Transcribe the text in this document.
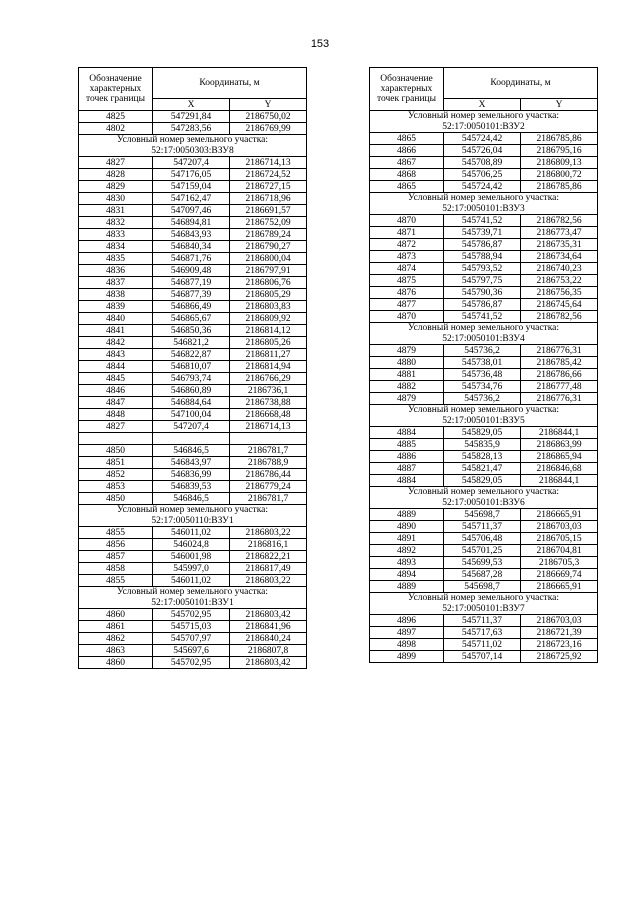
153
Обозначение характерных точек границы	Координаты, м	
	X	Y
4825	547291,84	2186750,02
4802	547283,56	2186769,99
Условный номер земельного участка: 52:17:0050303:ВЗУ8		
4827	547207,4	2186714,13
4828	547176,05	2186724,52
4829	547159,04	2186727,15
4830	547162,47	2186718,96
4831	547097,46	2186691,57
4832	546894,81	2186752,09
4833	546843,93	2186789,24
4834	546840,34	2186790,27
4835	546871,76	2186800,04
4836	546909,48	2186797,91
4837	546877,19	2186806,76
4838	546877,39	2186805,29
4839	546866,49	2186803,83
4840	546865,67	2186809,92
4841	546850,36	2186814,12
4842	546821,2	2186805,26
4843	546822,87	2186811,27
4844	546810,07	2186814,94
4845	546793,74	2186766,29
4846	546860,89	2186736,1
4847	546884,64	2186738,88
4848	547100,04	2186668,48
4827	547207,4	2186714,13

4850	546846,5	2186781,7
4851	546843,97	2186788,9
4852	546836,99	2186786,44
4853	546839,53	2186779,24
4850	546846,5	2186781,7
Условный номер земельного участка: 52:17:0050110:ВЗУ1		
4855	546011,02	2186803,22
4856	546024,8	2186816,1
4857	546001,98	2186822,21
4858	545997,0	2186817,49
4855	546011,02	2186803,22
Условный номер земельного участка: 52:17:0050101:ВЗУ1		
4860	545702,95	2186803,42
4861	545715,03	2186841,96
4862	545707,97	2186840,24
4863	545697,6	2186807,8
4860	545702,95	2186803,42
Обозначение характерных точек границы	Координаты, м	
	X	Y
Условный номер земельного участка: 52:17:0050101:ВЗУ2		
4865	545724,42	2186785,86
4866	545726,04	2186795,16
4867	545708,89	2186809,13
4868	545706,25	2186800,72
4865	545724,42	2186785,86
Условный номер земельного участка: 52:17:0050101:ВЗУ3		
4870	545741,52	2186782,56
4871	545739,71	2186773,47
4872	545786,87	2186735,31
4873	545788,94	2186734,64
4874	545793,52	2186740,23
4875	545797,75	2186753,22
4876	545790,36	2186756,35
4877	545786,87	2186745,64
4870	545741,52	2186782,56
Условный номер земельного участка: 52:17:0050101:ВЗУ4		
4879	545736,2	2186776,31
4880	545738,01	2186785,42
4881	545736,48	2186786,66
4882	545734,76	2186777,48
4879	545736,2	2186776,31
Условный номер земельного участка: 52:17:0050101:ВЗУ5		
4884	545829,05	2186844,1
4885	545835,9	2186863,99
4886	545828,13	2186865,94
4887	545821,47	2186846,68
4884	545829,05	2186844,1
Условный номер земельного участка: 52:17:0050101:ВЗУ6		
4889	545698,7	2186665,91
4890	545711,37	2186703,03
4891	545706,48	2186705,15
4892	545701,25	2186704,81
4893	545699,53	2186705,3
4894	545687,28	2186669,74
4889	545698,7	2186665,91
Условный номер земельного участка: 52:17:0050101:ВЗУ7		
4896	545711,37	2186703,03
4897	545717,63	2186721,39
4898	545711,02	2186723,16
4899	545707,14	2186725,92
